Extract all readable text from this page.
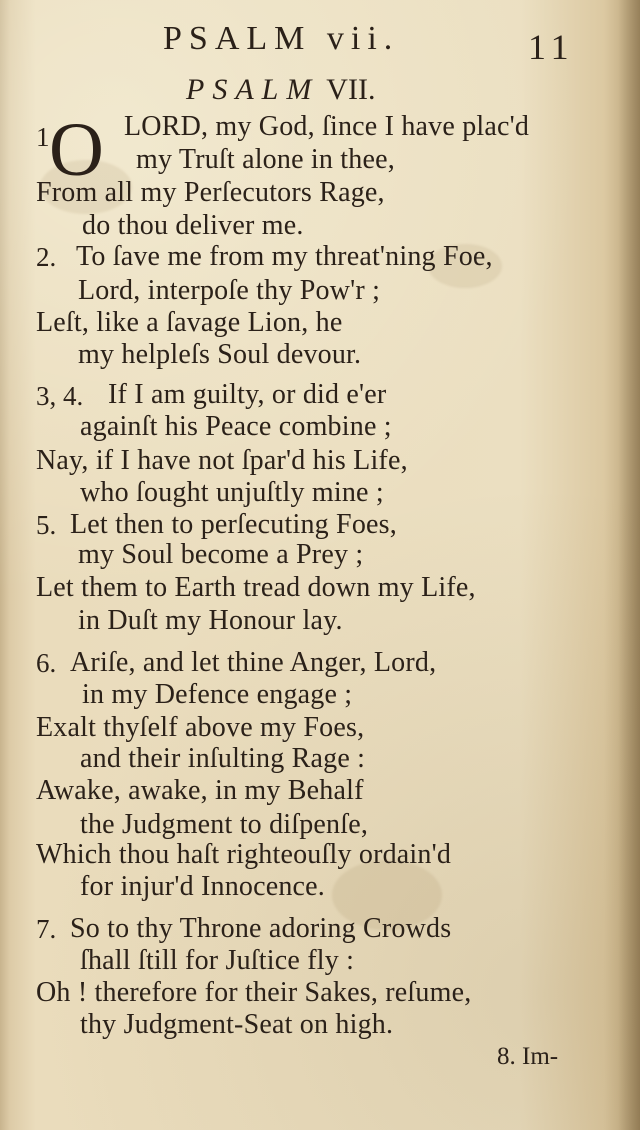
PSALM vii.	11
PSALM VII.
1 O LORD, my God, ſince I have plac'd
my Truſt alone in thee,
From all my Perſecutors Rage,
do thou deliver me.
2. To ſave me from my threat'ning Foe,
Lord, interpoſe thy Pow'r ;
Leſt, like a ſavage Lion, he
my helpleſs Soul devour.
3, 4. If I am guilty, or did e'er
againſt his Peace combine ;
Nay, if I have not ſpar'd his Life,
who ſought unjuſtly mine ;
5. Let then to perſecuting Foes,
my Soul become a Prey ;
Let them to Earth tread down my Life,
in Duſt my Honour lay.
6. Ariſe, and let thine Anger, Lord,
in my Defence engage ;
Exalt thyſelf above my Foes,
and their inſulting Rage :
Awake, awake, in my Behalf
the Judgment to diſpenſe,
Which thou haſt righteouſly ordain'd
for injur'd Innocence.
7. So to thy Throne adoring Crowds
ſhall ſtill for Juſtice fly :
Oh ! therefore for their Sakes, reſume,
thy Judgment-Seat on high.
8. Im-
